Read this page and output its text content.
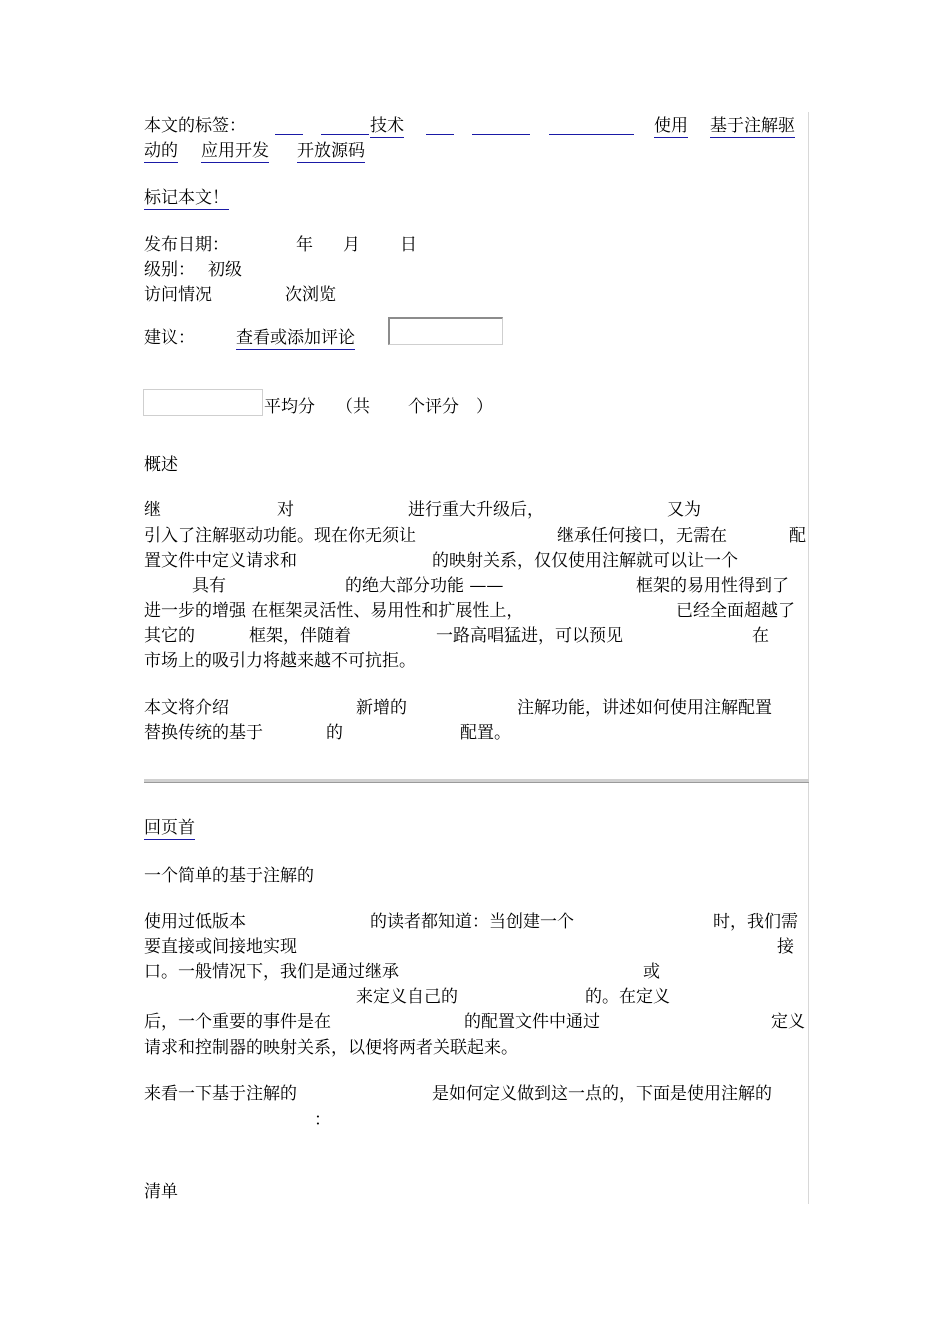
本文的标签：	技术	使用 基于注解驱
动的 应用开发 开放源码
标记本文！
发布日期：	年 月 日
级别： 初级
访问情况	次浏览
建议： 查看或添加评论
平均分 （共 个评分 ）
概述
继	对	进行重大升级后，	又为
引入了注解驱动功能。现在你无须让	继承任何接口，无需在	配
置文件中定义请求和	的映射关系，仅仅使用注解就可以让一个
具有	的绝大部分功能 ——	框架的易用性得到了
进一步的增强 在框架灵活性、易用性和扩展性上，	已经全面超越了
其它的	框架，伴随着	一路高唱猛进，可以预见	在
市场上的吸引力将越来越不可抗拒。
本文将介绍	新增的	注解功能，讲述如何使用注解配置
替换传统的基于	的	配置。
回页首
一个简单的基于注解的
使用过低版本	的读者都知道：当创建一个	时，我们需
要直接或间接地实现	接
口。一般情况下，我们是通过继承	或
来定义自己的	的。在定义
后，一个重要的事件是在	的配置文件中通过	定义
请求和控制器的映射关系，以便将两者关联起来。
来看一下基于注解的	是如何定义做到这一点的，下面是使用注解的
：
清单
